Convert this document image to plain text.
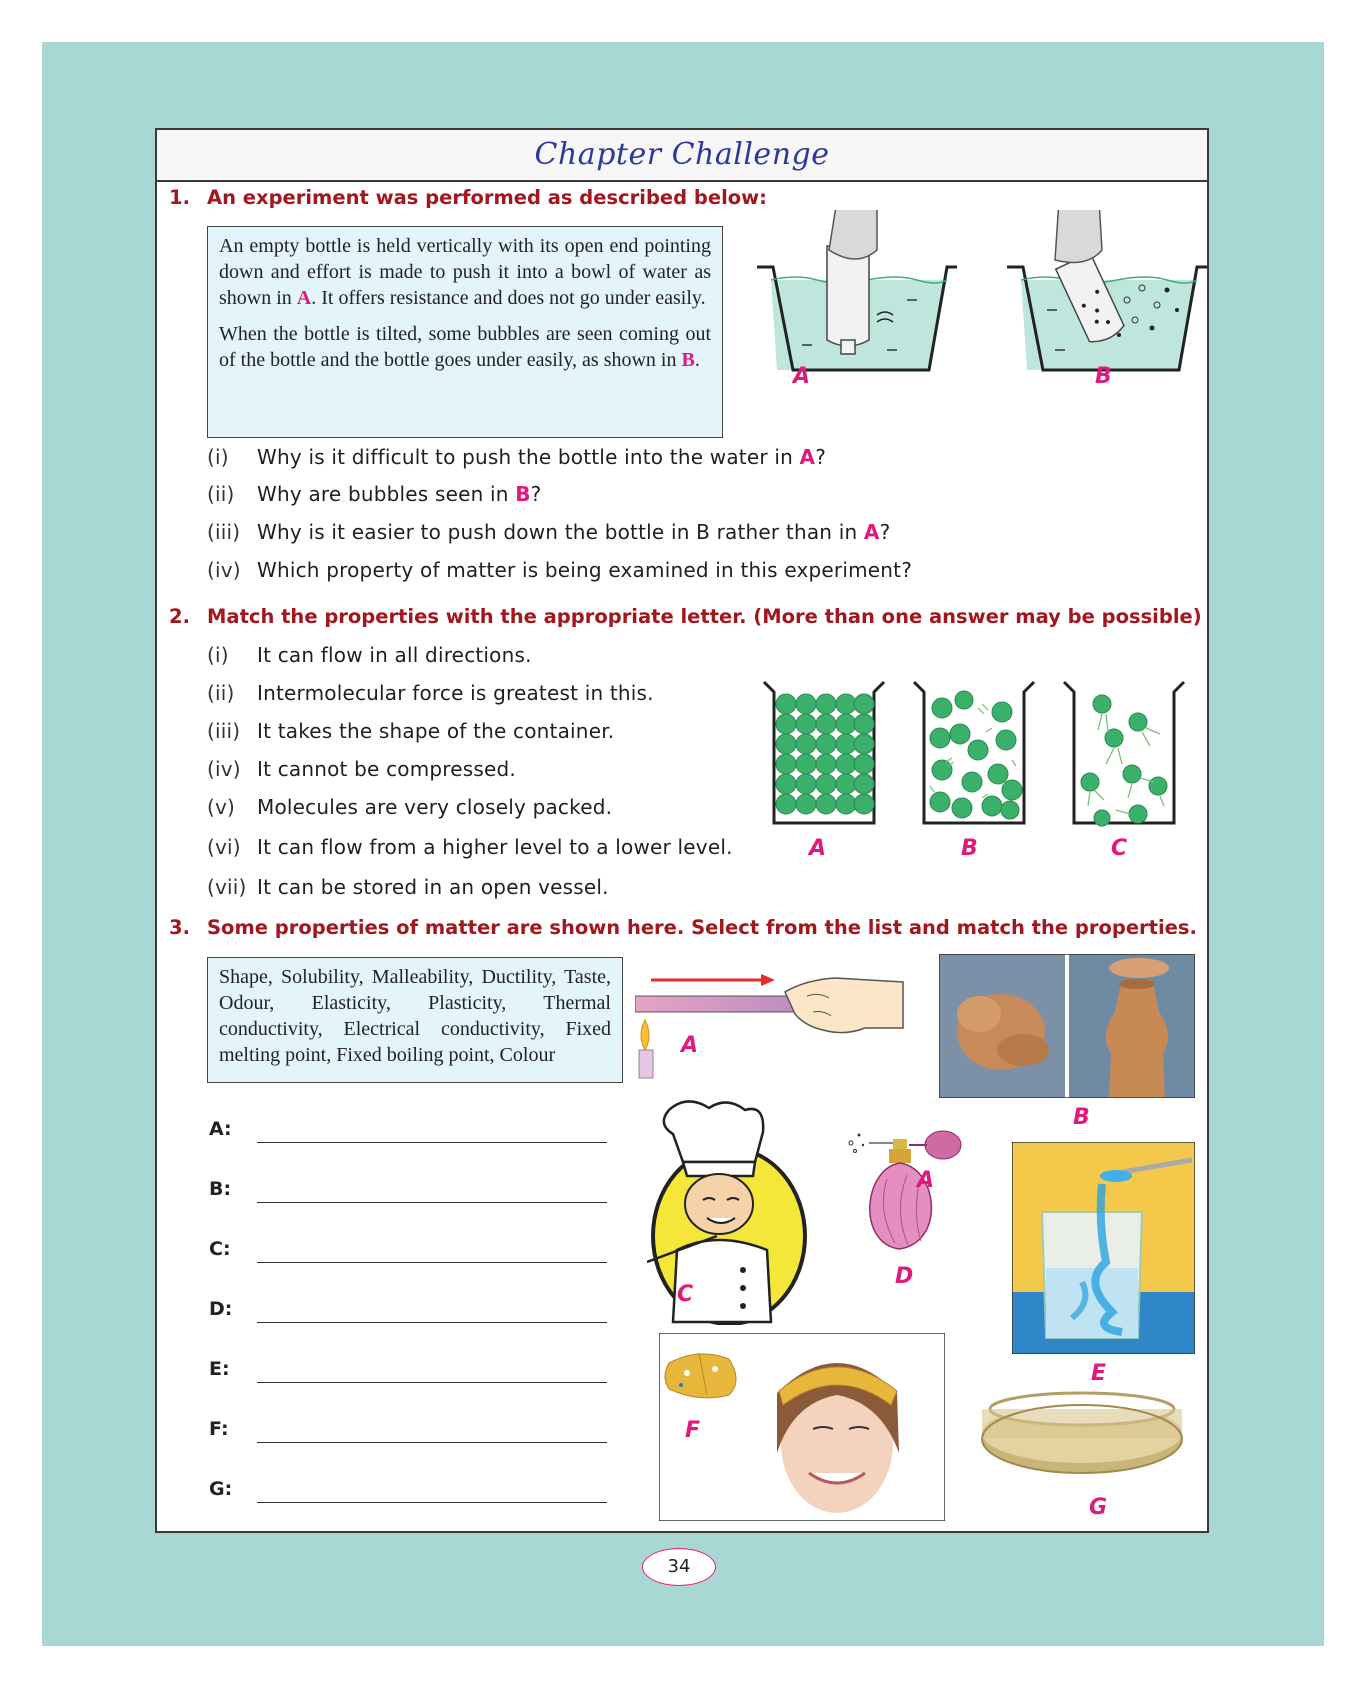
Chapter Challenge
1. An experiment was performed as described below:

An empty bottle is held vertically with its open end pointing down and effort is made to push it into a bowl of water as shown in A. It offers resistance and does not go under easily.

When the bottle is tilted, some bubbles are seen coming out of the bottle and the bottle goes under easily, as shown in B.

A	B
(i) Why is it difficult to push the bottle into the water in A?
(ii) Why are bubbles seen in B?
(iii) Why is it easier to push down the bottle in B rather than in A?
(iv) Which property of matter is being examined in this experiment?
2. Match the properties with the appropriate letter. (More than one answer may be possible)
(i) It can flow in all directions.
(ii) Intermolecular force is greatest in this.
(iii) It takes the shape of the container.
(iv) It cannot be compressed.
(v) Molecules are very closely packed.
(vi) It can flow from a higher level to a lower level.
(vii) It can be stored in an open vessel.
A	B	C
3. Some properties of matter are shown here. Select from the list and match the properties.

Shape, Solubility, Malleability, Ductility, Taste, Odour, Elasticity, Plasticity, Thermal conductivity, Electrical conductivity, Fixed melting point, Fixed boiling point, Colour	A
B
C
A
D
E
F
G
A:
B:
C:
D:
E:
F:
G:
34
